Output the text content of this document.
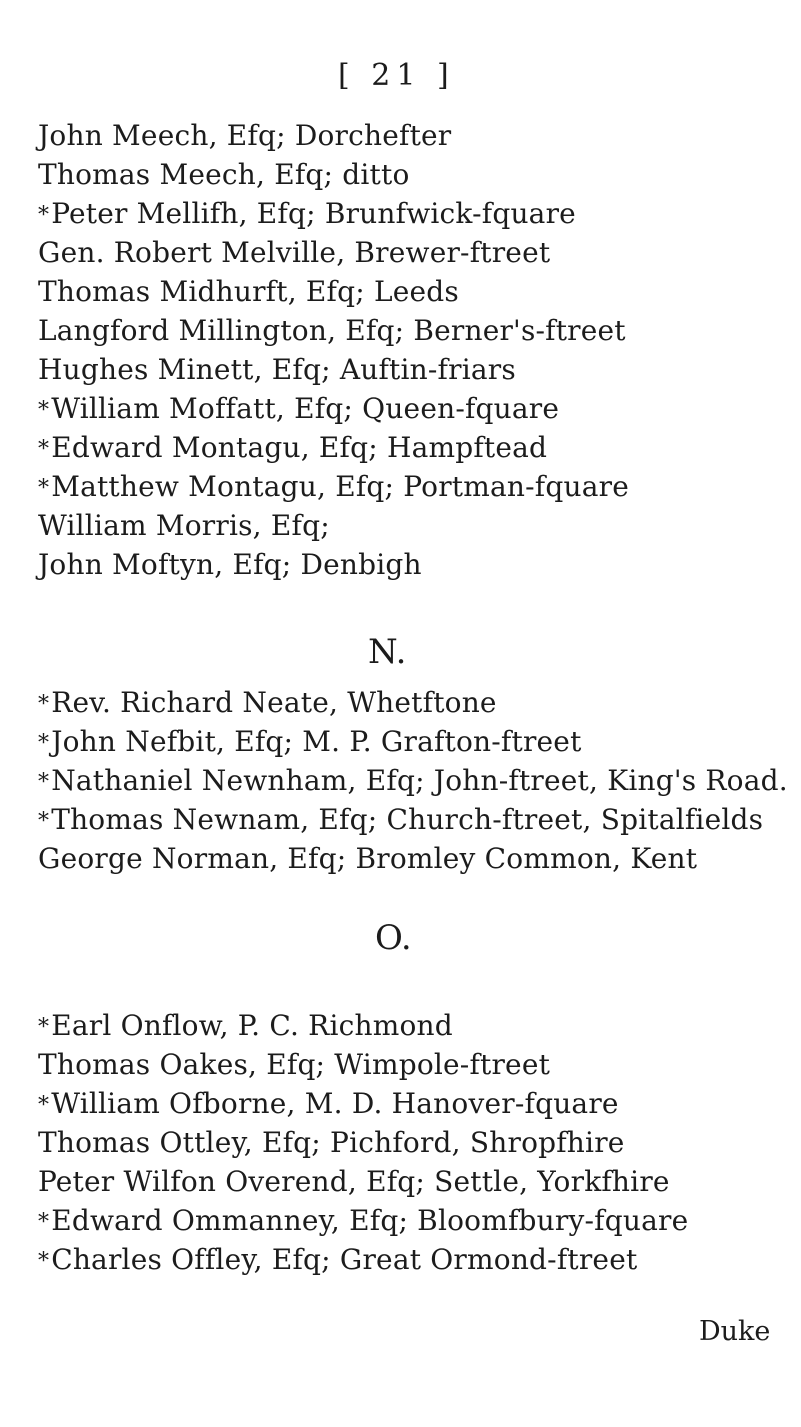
[ 21 ]
John Meech, Efq; Dorchefter
Thomas Meech, Efq; ditto
*Peter Mellifh, Efq; Brunfwick-fquare
Gen. Robert Melville, Brewer-ftreet
Thomas Midhurft, Efq; Leeds
Langford Millington, Efq; Berner's-ftreet
Hughes Minett, Efq; Auftin-friars
*William Moffatt, Efq; Queen-fquare
*Edward Montagu, Efq; Hampftead
*Matthew Montagu, Efq; Portman-fquare
William Morris, Efq;
John Moftyn, Efq; Denbigh
N.
*Rev. Richard Neate, Whetftone
*John Nefbit, Efq; M. P. Grafton-ftreet
*Nathaniel Newnham, Efq; John-ftreet, King's Road.
*Thomas Newnam, Efq; Church-ftreet, Spitalfields
George Norman, Efq; Bromley Common, Kent
O.
*Earl Onflow, P. C. Richmond
Thomas Oakes, Efq; Wimpole-ftreet
*William Ofborne, M. D. Hanover-fquare
Thomas Ottley, Efq; Pichford, Shropfhire
Peter Wilfon Overend, Efq; Settle, Yorkfhire
*Edward Ommanney, Efq; Bloomfbury-fquare
*Charles Offley, Efq; Great Ormond-ftreet
Duke
